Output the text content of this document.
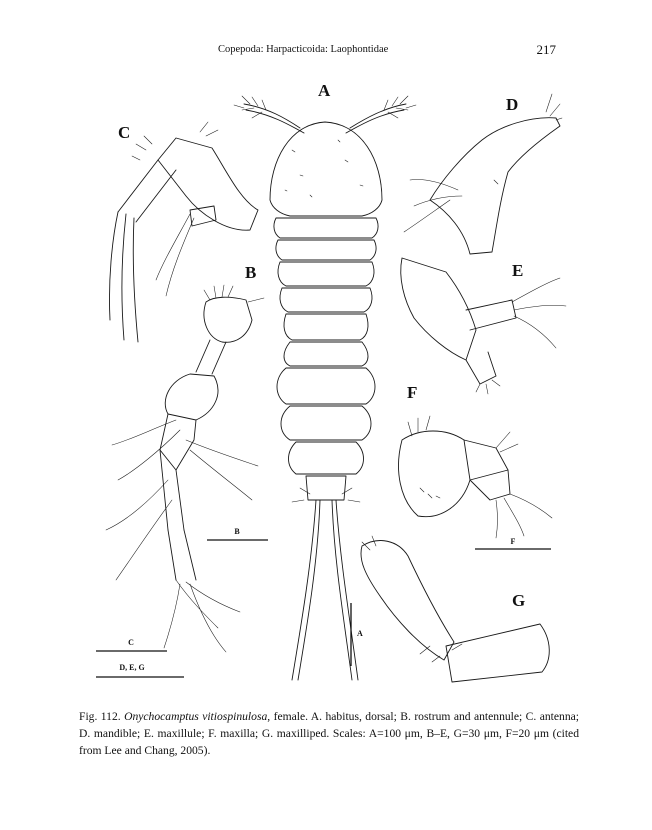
Copepoda: Harpacticoida: Laophontidae	217
A
B
C
D
E
F
G
B
C
D, E, G
A
F
Fig. 112. Onychocamptus vitiospinulosa, female. A. habitus, dorsal; B. rostrum and antennule; C. antenna; D. mandible; E. maxillule; F. maxilla; G. maxilliped. Scales: A=100 μm, B–E, G=30 μm, F=20 μm (cited from Lee and Chang, 2005).
